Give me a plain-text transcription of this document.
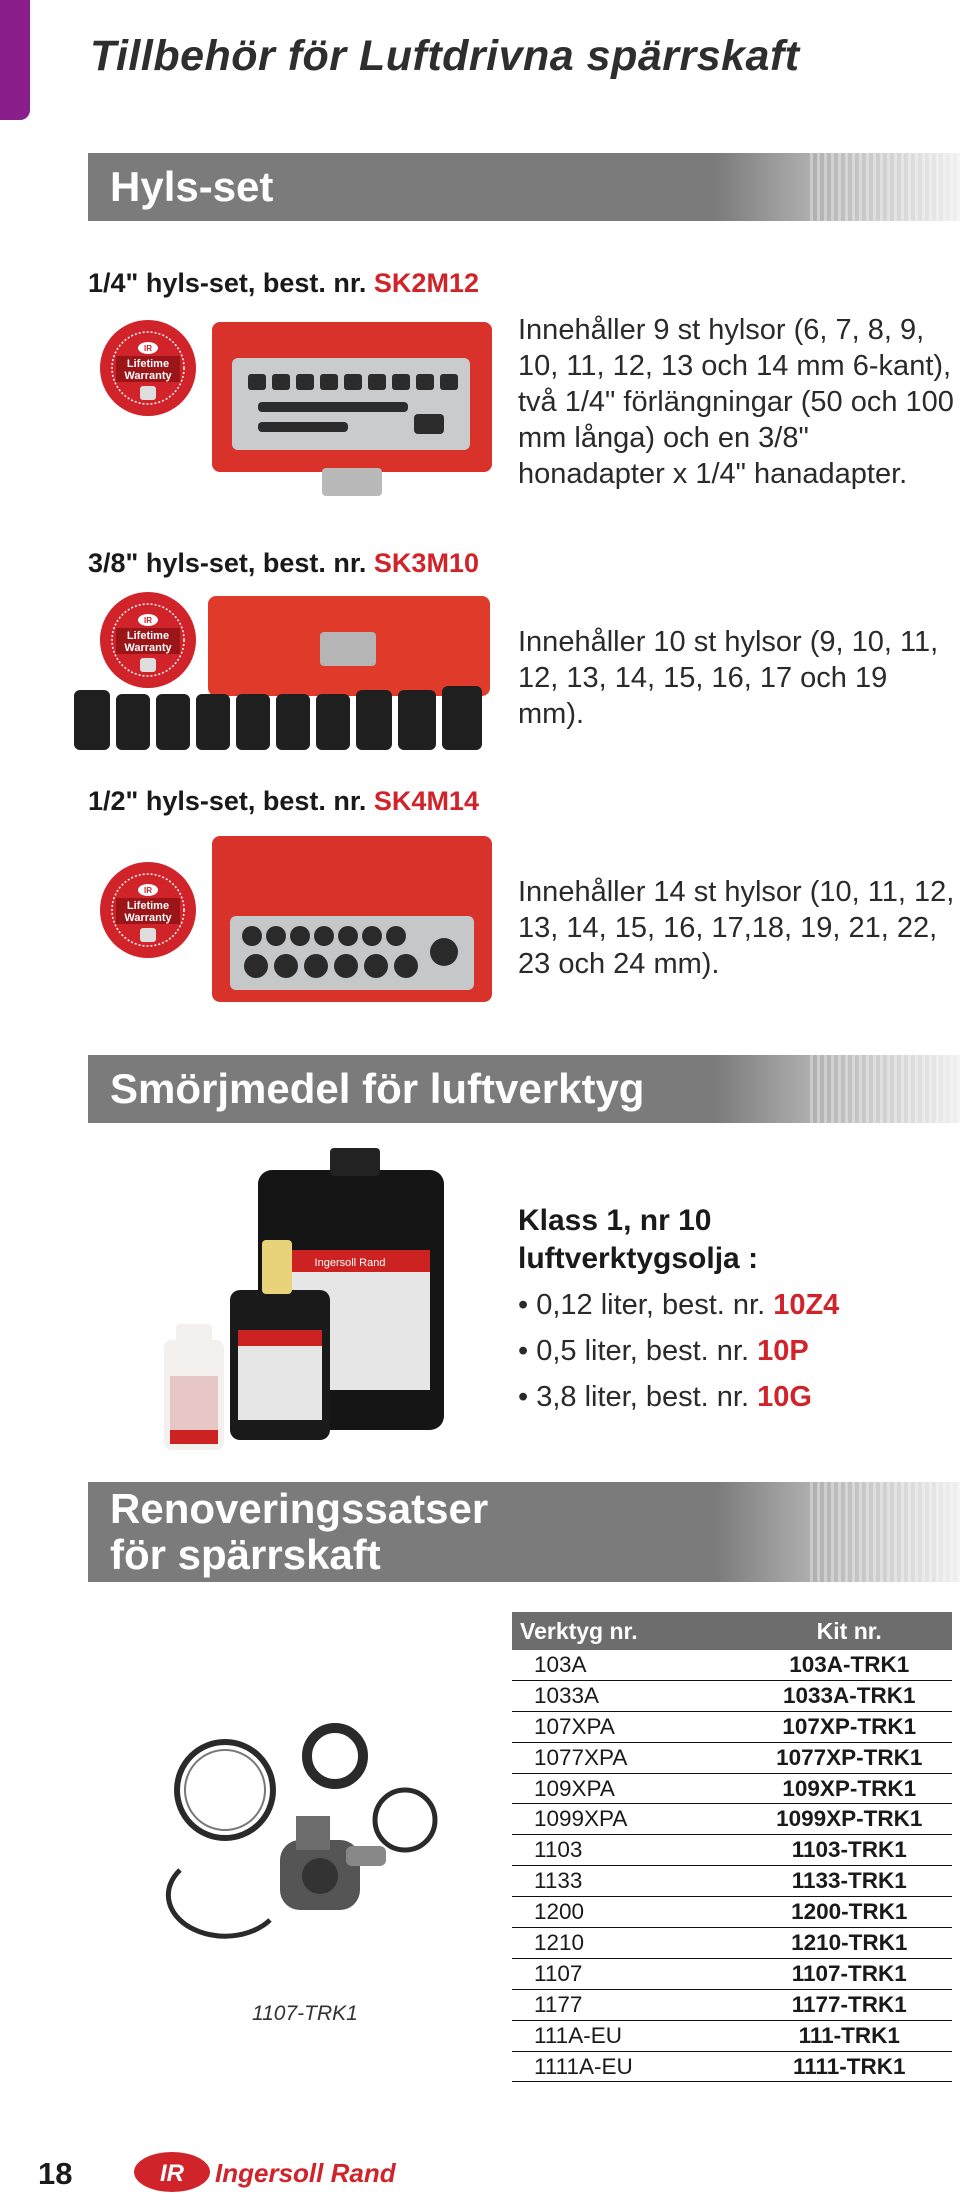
Tillbehör för Luftdrivna spärrskaft
Hyls-set
1/4" hyls-set, best. nr. SK2M12
Innehåller 9 st hylsor (6, 7, 8, 9, 10, 11, 12, 13 och 14 mm 6-kant), två 1/4" förlängningar (50 och 100 mm långa) och en 3/8" honadapter x 1/4" hanadapter.
3/8" hyls-set, best. nr. SK3M10
Innehåller 10 st hylsor (9, 10, 11, 12, 13, 14, 15, 16, 17 och 19 mm).
1/2" hyls-set, best. nr. SK4M14
Innehåller 14 st hylsor (10, 11, 12, 13, 14, 15, 16, 17,18, 19, 21, 22, 23 och 24 mm).
IR
Lifetime
Warranty
IR
Lifetime
Warranty
IR
Lifetime
Warranty
Smörjmedel för luftverktyg
Ingersoll Rand
Klass 1, nr 10
luftverktygsolja :
• 0,12 liter, best. nr. 10Z4
• 0,5 liter, best. nr. 10P
• 3,8 liter, best. nr. 10G
Renoveringssatser
för spärrskaft
1107-TRK1
Verktyg nr.	Kit nr.
103A	103A-TRK1
1033A	1033A-TRK1
107XPA	107XP-TRK1
1077XPA	1077XP-TRK1
109XPA	109XP-TRK1
1099XPA	1099XP-TRK1
1103	1103-TRK1
1133	1133-TRK1
1200	1200-TRK1
1210	1210-TRK1
1107	1107-TRK1
1177	1177-TRK1
111A-EU	111-TRK1
1111A-EU	1111-TRK1
18	IR Ingersoll Rand
